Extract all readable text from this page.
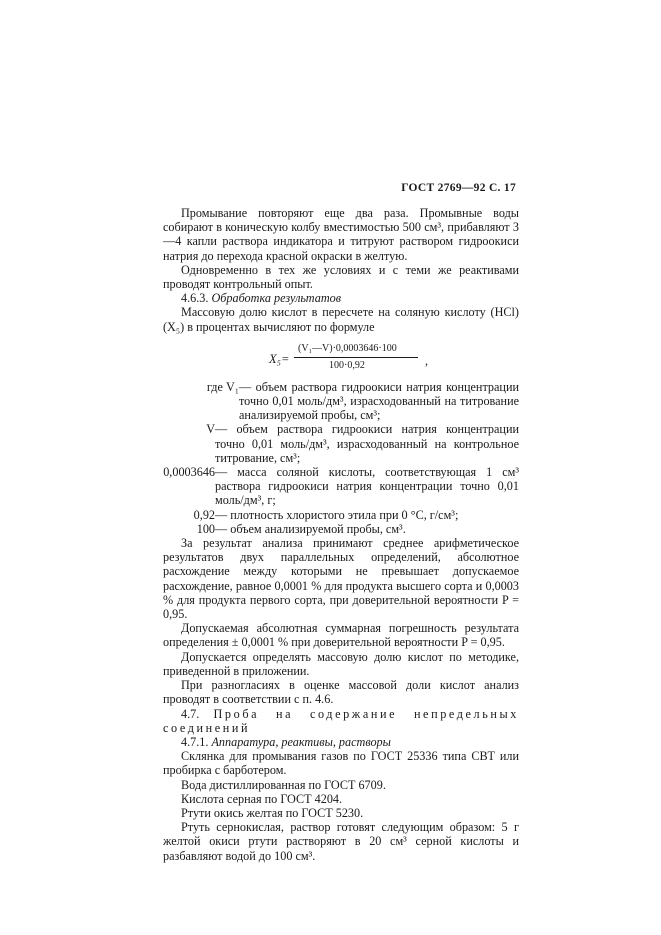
ГОСТ 2769—92 С. 17

Промывание повторяют еще два раза. Промывные воды собирают в коническую колбу вместимостью 500 см³, прибавляют 3—4 капли раствора индикатора и титруют раствором гидроокиси натрия до перехода красной окраски в желтую.

Одновременно в тех же условиях и с теми же реактивами проводят контрольный опыт.

4.6.3. Обработка результатов

Массовую долю кислот в пересчете на соляную кислоту (HCl) (X₅) в процентах вычисляют по формуле

X₅=
(V₁—V)·0,0003646·100
100·0,92	,
где V₁ — объем раствора гидроокиси натрия концентрации точно 0,01 моль/дм³, израсходованный на титрование анализируемой пробы, см³;
V — объем раствора гидроокиси натрия концентрации точно 0,01 моль/дм³, израсходованный на контрольное титрование, см³;
0,0003646 — масса соляной кислоты, соответствующая 1 см³ раствора гидроокиси натрия концентрации точно 0,01 моль/дм³, г;
0,92 — плотность хлористого этила при 0 °С, г/см³;
100 — объем анализируемой пробы, см³.

За результат анализа принимают среднее арифметическое результатов двух параллельных определений, абсолютное расхождение между которыми не превышает допускаемое расхождение, равное 0,0001 % для продукта высшего сорта и 0,0003 % для продукта первого сорта, при доверительной вероятности P = 0,95.

Допускаемая абсолютная суммарная погрешность результата определения ± 0,0001 % при доверительной вероятности P = 0,95.

Допускается определять массовую долю кислот по методике, приведенной в приложении.

При разногласиях в оценке массовой доли кислот анализ проводят в соответствии с п. 4.6.

4.7. Проба на содержание непредельных соединений

4.7.1. Аппаратура, реактивы, растворы

Склянка для промывания газов по ГОСТ 25336 типа СВТ или пробирка с барботером.

Вода дистиллированная по ГОСТ 6709.

Кислота серная по ГОСТ 4204.

Ртути окись желтая по ГОСТ 5230.

Ртуть сернокислая, раствор готовят следующим образом: 5 г желтой окиси ртути растворяют в 20 см³ серной кислоты и разбавляют водой до 100 см³.
